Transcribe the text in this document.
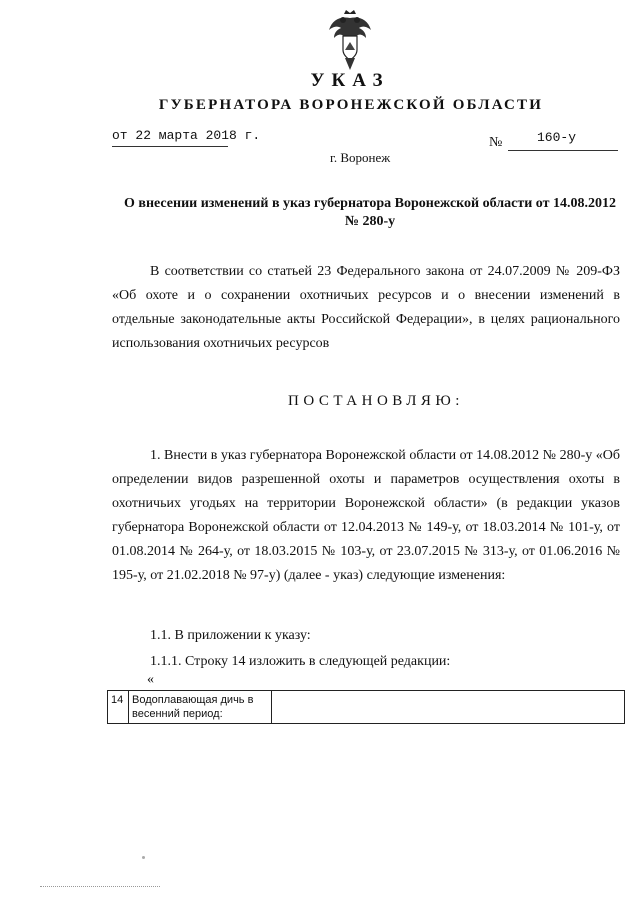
УКАЗ
ГУБЕРНАТОРА ВОРОНЕЖСКОЙ ОБЛАСТИ
от 22 марта 2018 г.	№	160-у
г. Воронеж
О внесении изменений в указ губернатора Воронежской области от 14.08.2012 № 280-у
В соответствии со статьей 23 Федерального закона от 24.07.2009 № 209-ФЗ «Об охоте и о сохранении охотничьих ресурсов и о внесении изменений в отдельные законодательные акты Российской Федерации», в целях рационального использования охотничьих ресурсов
ПОСТАНОВЛЯЮ:
1. Внести в указ губернатора Воронежской области от 14.08.2012 № 280-у «Об определении видов разрешенной охоты и параметров осуществления охоты в охотничьих угодьях на территории Воронежской области» (в редакции указов губернатора Воронежской области от 12.04.2013 № 149-у, от 18.03.2014 № 101-у, от 01.08.2014 № 264-у, от 18.03.2015 № 103-у, от 23.07.2015 № 313-у, от 01.06.2016 № 195-у, от 21.02.2018 № 97-у) (далее - указ) следующие изменения:
1.1. В приложении к указу:
1.1.1. Строку 14 изложить в следующей редакции:
«
14	Водоплавающая дичь в весенний период:	
